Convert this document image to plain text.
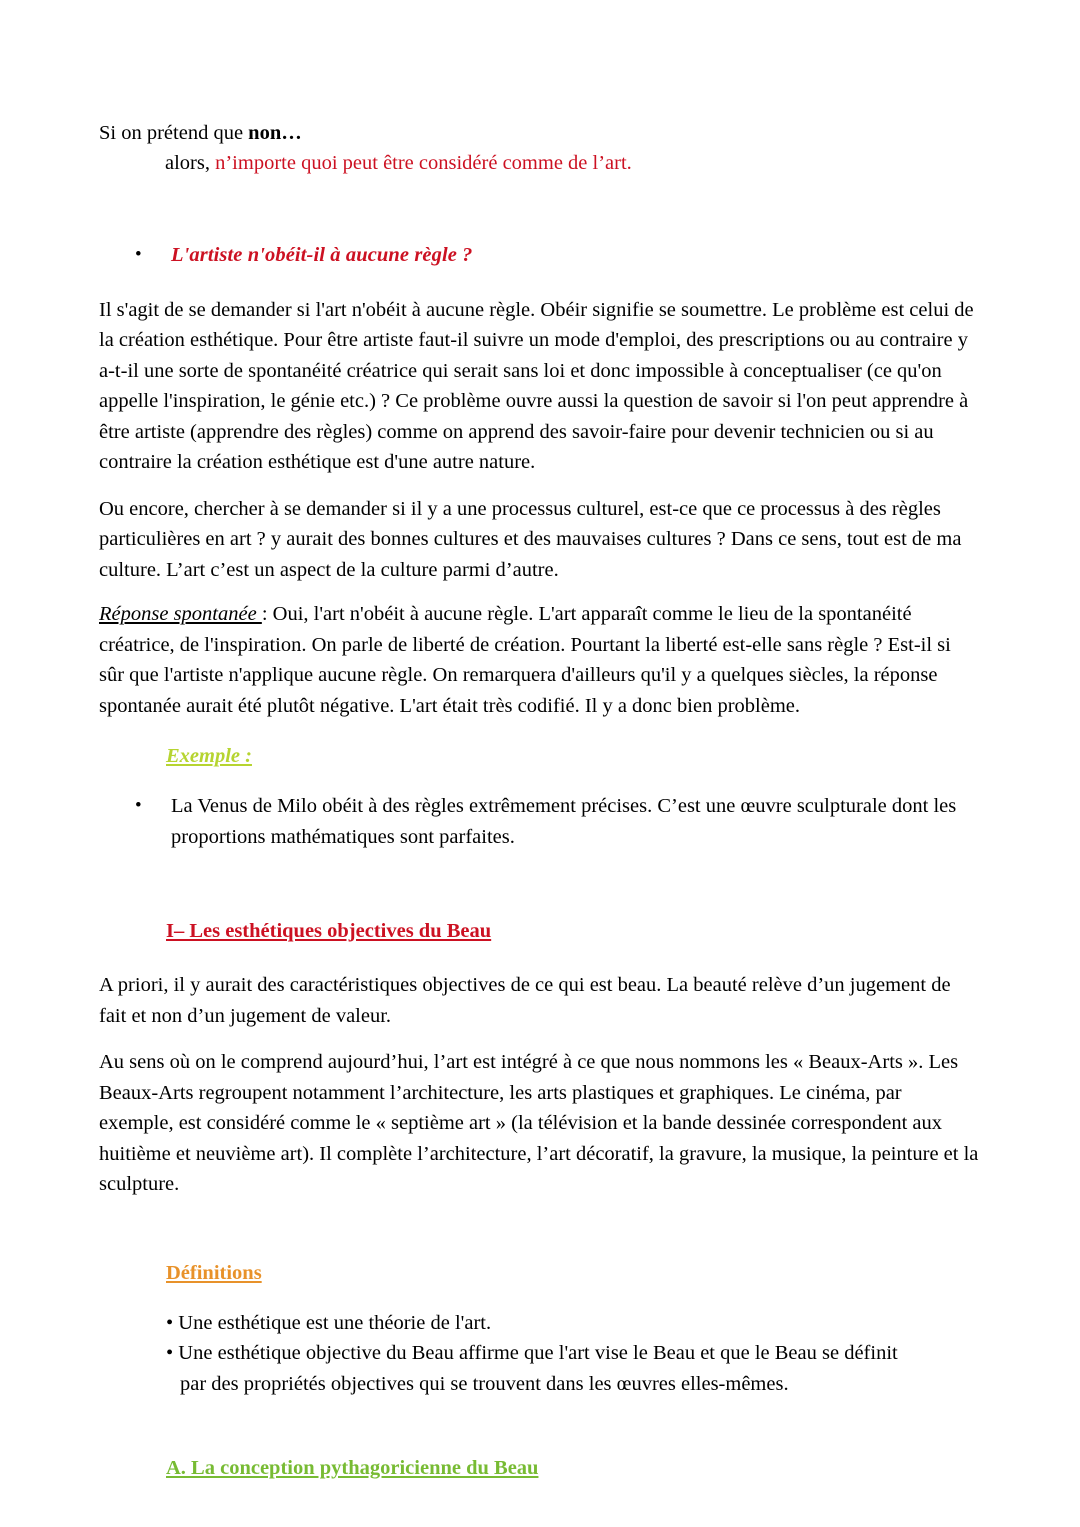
Si on prétend que non…
alors, n’importe quoi peut être considéré comme de l’art.
•	L'artiste n'obéit-il à aucune règle ?

Il s'agit de se demander si l'art n'obéit à aucune règle. Obéir signifie se soumettre. Le problème est celui de la création esthétique. Pour être artiste faut-il suivre un mode d'emploi, des prescriptions ou au contraire y a-t-il une sorte de spontanéité créatrice qui serait sans loi et donc impossible à conceptualiser (ce qu'on appelle l'inspiration, le génie etc.) ? Ce problème ouvre aussi la question de savoir si l'on peut apprendre à être artiste (apprendre des règles) comme on apprend des savoir-faire pour devenir technicien ou si au contraire la création esthétique est d'une autre nature.

Ou encore, chercher à se demander si il y a une processus culturel, est-ce que ce processus à des règles particulières en art ? y aurait des bonnes cultures et des mauvaises cultures ? Dans ce sens, tout est de ma culture. L’art c’est un aspect de la culture parmi d’autre.

Réponse spontanée : Oui, l'art n'obéit à aucune règle. L'art apparaît comme le lieu de la spontanéité créatrice, de l'inspiration. On parle de liberté de création. Pourtant la liberté est-elle sans règle ? Est-il si sûr que l'artiste n'applique aucune règle. On remarquera d'ailleurs qu'il y a quelques siècles, la réponse spontanée aurait été plutôt négative. L'art était très codifié. Il y a donc bien problème.

Exemple :
•	La Venus de Milo obéit à des règles extrêmement précises. C’est une œuvre sculpturale dont les proportions mathématiques sont parfaites.
I– Les esthétiques objectives du Beau

A priori, il y aurait des caractéristiques objectives de ce qui est beau. La beauté relève d’un jugement de fait et non d’un jugement de valeur.

Au sens où on le comprend aujourd’hui, l’art est intégré à ce que nous nommons les « Beaux-Arts ». Les Beaux-Arts regroupent notamment l’architecture, les arts plastiques et graphiques. Le cinéma, par exemple, est considéré comme le « septième art » (la télévision et la bande dessinée correspondent aux huitième et neuvième art). Il complète l’architecture, l’art décoratif, la gravure, la musique, la peinture et la sculpture.

Définitions
• Une esthétique est une théorie de l'art.
• Une esthétique objective du Beau affirme que l'art vise le Beau et que le Beau se définit
par des propriétés objectives qui se trouvent dans les œuvres elles-mêmes.
A. La conception pythagoricienne du Beau
